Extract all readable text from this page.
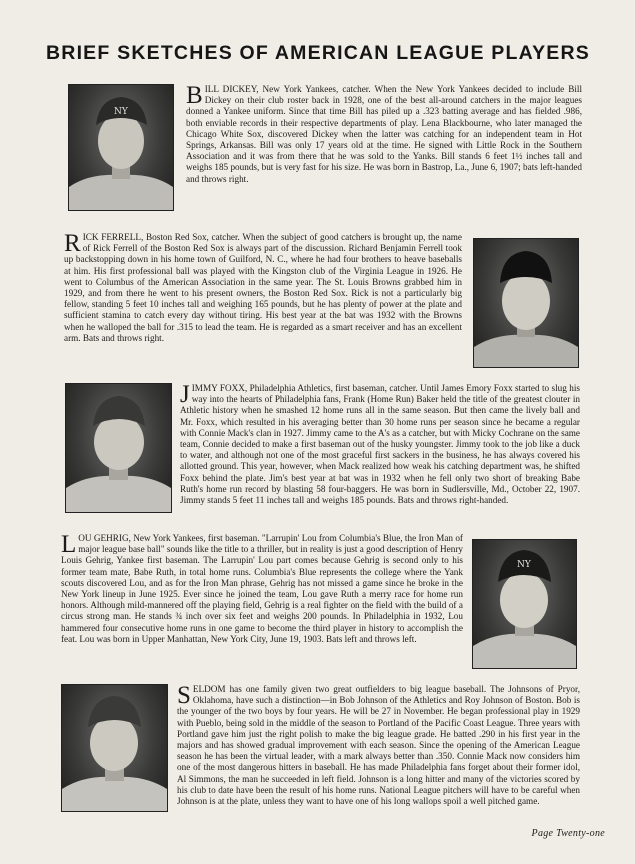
BRIEF SKETCHES OF AMERICAN LEAGUE PLAYERS
NY

BILL DICKEY, New York Yankees, catcher. When the New York Yankees decided to include Bill Dickey on their club roster back in 1928, one of the best all-around catchers in the major leagues donned a Yankee uniform. Since that time Bill has piled up a .323 batting average and has fielded .986, both enviable records in their respective departments of play. Lena Blackbourne, who later managed the Chicago White Sox, discovered Dickey when the latter was catching for an independent team in Hot Springs, Arkansas. Bill was only 17 years old at the time. He signed with Little Rock in the Southern Association and it was from there that he was sold to the Yanks. Bill stands 6 feet 1½ inches tall and weighs 185 pounds, but is very fast for his size. He was born in Bastrop, La., June 6, 1907; bats left-handed and throws right.

RICK FERRELL, Boston Red Sox, catcher. When the subject of good catchers is brought up, the name of Rick Ferrell of the Boston Red Sox is always part of the discussion. Richard Benjamin Ferrell took up backstopping down in his home town of Guilford, N. C., where he had four brothers to heave baseballs at him. His first professional ball was played with the Kingston club of the Virginia League in 1926. He went to Columbus of the American Association in the same year. The St. Louis Browns grabbed him in 1929, and from there he went to his present owners, the Boston Red Sox. Rick is not a particularly big fellow, standing 5 feet 10 inches tall and weighing 165 pounds, but he has plenty of power at the plate and sufficient stamina to catch every day without tiring. His best year at the bat was 1932 with the Browns when he walloped the ball for .315 to lead the team. He is regarded as a smart receiver and has an excellent arm. Bats and throws right.

JIMMY FOXX, Philadelphia Athletics, first baseman, catcher. Until James Emory Foxx started to slug his way into the hearts of Philadelphia fans, Frank (Home Run) Baker held the title of the greatest clouter in Athletic history when he smashed 12 home runs all in the same season. But then came the lively ball and Mr. Foxx, which resulted in his averaging better than 30 home runs per season since he became a regular with Connie Mack's clan in 1927. Jimmy came to the A's as a catcher, but with Micky Cochrane on the same team, Connie decided to make a first baseman out of the husky youngster. Jimmy took to the job like a duck to water, and although not one of the most graceful first sackers in the business, he has always covered his allotted ground. This year, however, when Mack realized how weak his catching department was, he shifted Foxx behind the plate. Jim's best year at bat was in 1932 when he fell only two short of breaking Babe Ruth's home run record by blasting 58 four-baggers. He was born in Sudlersville, Md., October 22, 1907. Jimmy stands 5 feet 11 inches tall and weighs 185 pounds. Bats and throws right-handed.

LOU GEHRIG, New York Yankees, first baseman. "Larrupin' Lou from Columbia's Blue, the Iron Man of major league base ball" sounds like the title to a thriller, but in reality is just a good description of Henry Louis Gehrig, Yankee first baseman. The Larrupin' Lou part comes because Gehrig is second only to his former team mate, Babe Ruth, in total home runs. Columbia's Blue represents the college where the Yank scouts discovered Lou, and as for the Iron Man phrase, Gehrig has not missed a game since he broke in the New York lineup in June 1925. Ever since he joined the team, Lou gave Ruth a merry race for home run honors. Although mild-mannered off the playing field, Gehrig is a real fighter on the field with the build of a circus strong man. He stands ¾ inch over six feet and weighs 200 pounds. In Philadelphia in 1932, Lou hammered four consecutive home runs in one game to become the third player in history to accomplish the feat. Lou was born in Upper Manhattan, New York City, June 19, 1903. Bats left and throws left.

NY

SELDOM has one family given two great outfielders to big league baseball. The Johnsons of Pryor, Oklahoma, have such a distinction—in Bob Johnson of the Athletics and Roy Johnson of Boston. Bob is the younger of the two boys by four years. He will be 27 in November. He began professional play in 1929 with Pueblo, being sold in the middle of the season to Portland of the Pacific Coast League. Three years with Portland gave him just the right polish to make the big league grade. He batted .290 in his first year in the majors and has showed gradual improvement with each season. Since the opening of the American League season he has been the virtual leader, with a mark always better than .350. Connie Mack now considers him one of the most dangerous hitters in baseball. He has made Philadelphia fans forget about their former idol, Al Simmons, the man he succeeded in left field. Johnson is a long hitter and many of the victories scored by his club to date have been the result of his home runs. National League pitchers will have to be careful when Johnson is at the plate, unless they want to have one of his long wallops spoil a well pitched game.

Page Twenty-one
